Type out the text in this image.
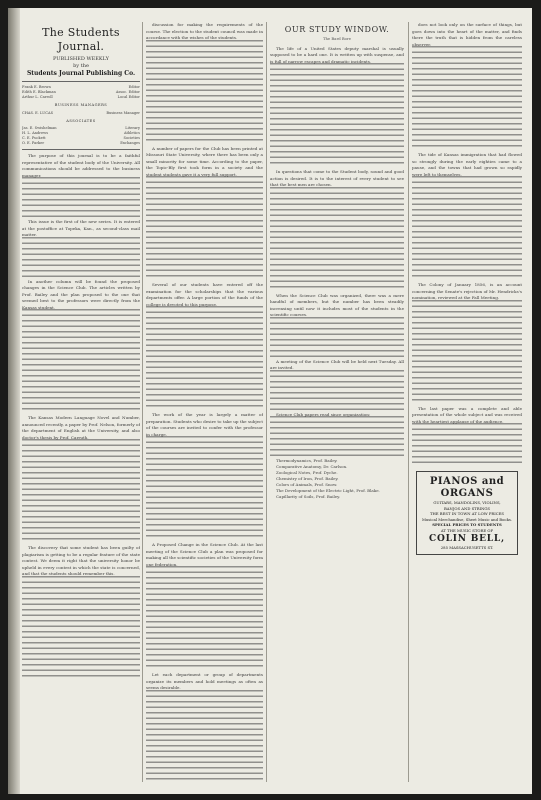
The Students Journal.
PUBLISHED WEEKLY
by the
Students Journal Publishing Co.
Frank E. Brown	Editor
Edith E. Blackman	Assoc. Editor
Arthur L. Carroll	Local Editor
BUSINESS MANAGERS
CHAS. E. LUCAS	Business Manager
ASSOCIATES
Jas. E. Swishelman	Literary
H. L. Andrews	Athletics
C. E. Puckett	Societies
O. E. Parker	Exchanges

The purpose of this journal is to be a faithful representative of the student body of the University. All communications should be addressed to the business manager.

This issue is the first of the new series. It is entered at the postoffice at Topeka, Kan., as second-class mail matter.

In another column will be found the proposed changes in the Science Club. The articles written by Prof. Bailey and the plan proposed to the one that seemed best to the professors were directly from the Kansas student.

The Kansas Modern Language Novel and Number, announced recently, a paper by Prof. Nelson, formerly of the department of English at the University, and also doctor's thesis by Prof. Carruth.

The discovery that some student has been guilty of plagiarism is getting to be a regular feature of the state contest. We deem it right that the university honor be upheld in every contest in which the state is concerned, and that the students should remember this.

discussion for making the requirements of the course. The election to the student council was made in accordance with the wishes of the students.

A number of papers for the Club has been printed at Missouri State University, where there has been only a small minority for some time. According to the paper, the Topic-Bly first took form in a society and the student students gave it a very full support.

Several of our students have entered off the examination for the scholarships that the various departments offer. A large portion of the funds of the college is devoted to this purpose.

The work of the year is largely a matter of preparation. Students who desire to take up the subject of the courses are invited to confer with the professor in charge.

A Proposed Change in the Science Club. At the last meeting of the Science Club a plan was proposed for making all the scientific societies of the University form one federation.

Let each department or group of departments organize its members and hold meetings as often as seems desirable.

OUR STUDY WINDOW.
The Bard Bore

The life of a United States deputy marshal is usually supposed to be a hard one. It is written up with suspense, and is full of narrow escapes and dramatic incidents.

In questions that come to the Student body, sound and good action is desired. It is to the interest of every student to see that the best men are chosen.

When the Science Club was organized, there was a mere handful of members, but the number has been steadily increasing until now it includes most of the students in the scientific courses.

A meeting of the Science Club will be held next Tuesday. All are invited.

Science Club papers read since organization:

Thermodynamics, Prof. Bailey.
Comparative Anatomy, Dr. Carlson.
Zoological Notes, Prof. Dyche.
Chemistry of Iron, Prof. Bailey.
Colors of Animals, Prof. Snow.
The Development of the Electric Light, Prof. Blake.
Capillarity of Soils, Prof. Bailey.

does not look only on the surface of things, but goes down into the heart of the matter, and finds there the truth that is hidden from the careless observer.

The tide of Kansas immigration that had flowed so strongly during the early eighties came to a pause, and the towns that had grown so rapidly were left to themselves.

The Colony of January 1856, is an account concerning the Senate's rejection of Mr. Hendricks's nomination, reviewed at the Fall Meeting.

The last paper was a complete and able presentation of the whole subject and was received with the heartiest applause of the audience.

PIANOS and ORGANS
GUITARS, MANDOLINS, VIOLINS,
BANJOS AND STRINGS
THE BEST IN TOWN AT LOW PRICES
Musical Merchandise, Sheet Music and Books.
SPECIAL PRICES TO STUDENTS
AT THE MUSIC STORE OF
COLIN BELL,
285 MASSACHUSETTS ST.
